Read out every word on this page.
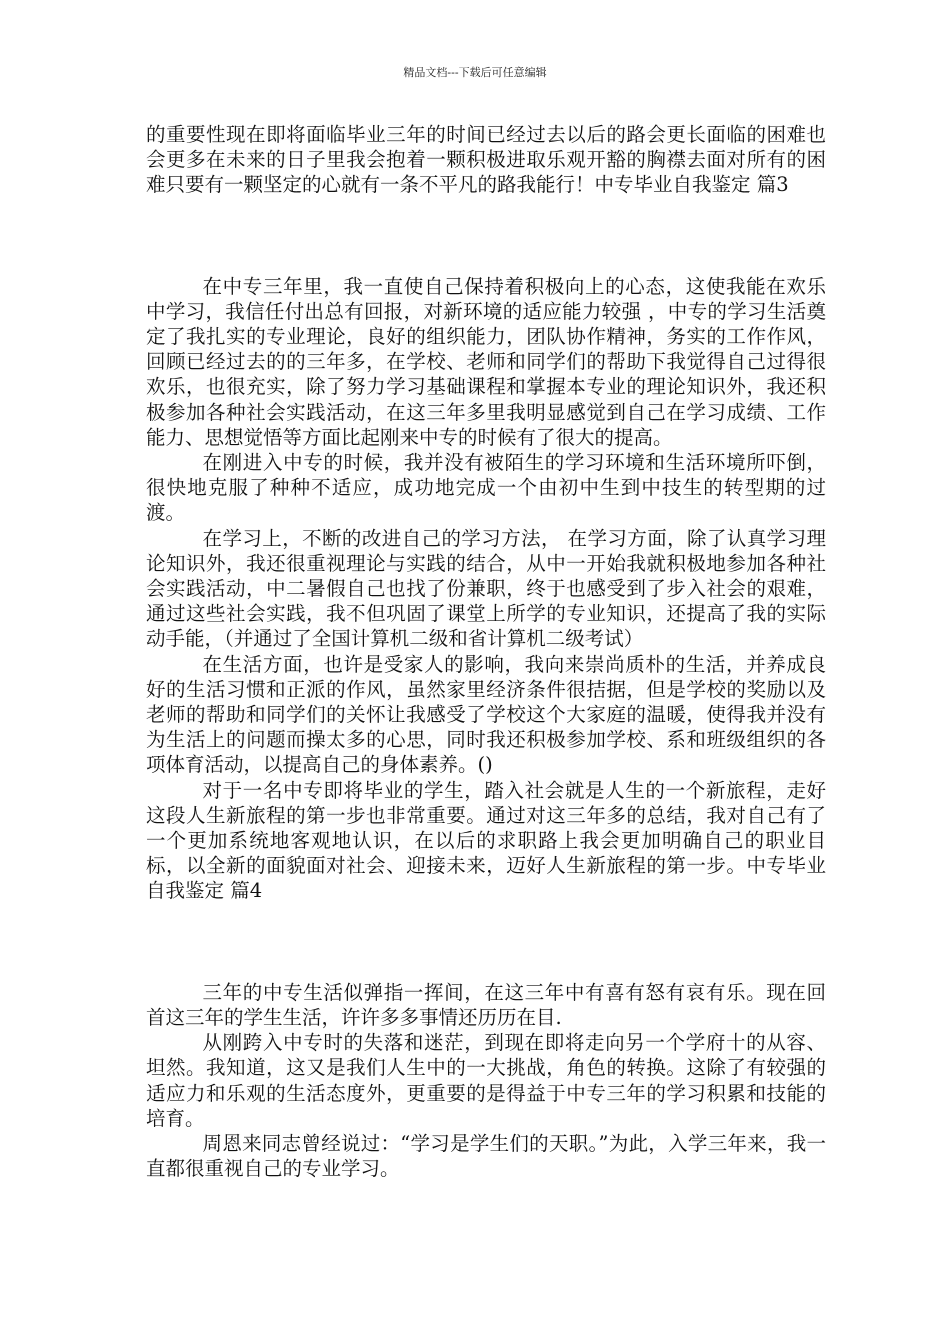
精品文档---下载后可任意编辑

的重要性现在即将面临毕业三年的时间已经过去以后的路会更长面临的困难也会更多在未来的日子里我会抱着一颗积极进取乐观开豁的胸襟去面对所有的困难只要有一颗坚定的心就有一条不平凡的路我能行！中专毕业自我鉴定 篇3

在中专三年里，我一直使自己保持着积极向上的心态，这使我能在欢乐中学习，我信任付出总有回报，对新环境的适应能力较强 ，中专的学习生活奠定了我扎实的专业理论，良好的组织能力，团队协作精神，务实的工作作风， 回顾已经过去的的三年多，在学校、老师和同学们的帮助下我觉得自己过得很欢乐，也很充实，除了努力学习基础课程和掌握本专业的理论知识外，我还积极参加各种社会实践活动，在这三年多里我明显感觉到自己在学习成绩、工作能力、思想觉悟等方面比起刚来中专的时候有了很大的提高。

在刚进入中专的时候，我并没有被陌生的学习环境和生活环境所吓倒，很快地克服了种种不适应，成功地完成一个由初中生到中技生的转型期的过渡。

在学习上，不断的改进自己的学习方法， 在学习方面，除了认真学习理论知识外，我还很重视理论与实践的结合，从中一开始我就积极地参加各种社会实践活动，中二暑假自己也找了份兼职，终于也感受到了步入社会的艰难，通过这些社会实践，我不但巩固了课堂上所学的专业知识，还提高了我的实际动手能，（并通过了全国计算机二级和省计算机二级考试）

在生活方面，也许是受家人的影响，我向来崇尚质朴的生活，并养成良好的生活习惯和正派的作风，虽然家里经济条件很拮据，但是学校的奖励以及老师的帮助和同学们的关怀让我感受了学校这个大家庭的温暖，使得我并没有为生活上的问题而操太多的心思，同时我还积极参加学校、系和班级组织的各项体育活动，以提高自己的身体素养。()

对于一名中专即将毕业的学生，踏入社会就是人生的一个新旅程，走好这段人生新旅程的第一步也非常重要。通过对这三年多的总结，我对自己有了一个更加系统地客观地认识，在以后的求职路上我会更加明确自己的职业目标，以全新的面貌面对社会、迎接未来，迈好人生新旅程的第一步。中专毕业自我鉴定 篇4

三年的中专生活似弹指一挥间，在这三年中有喜有怒有哀有乐。现在回首这三年的学生生活，许许多多事情还历历在目.

从刚跨入中专时的失落和迷茫，到现在即将走向另一个学府十的从容、坦然。我知道，这又是我们人生中的一大挑战，角色的转换。这除了有较强的适应力和乐观的生活态度外，更重要的是得益于中专三年的学习积累和技能的培育。

周恩来同志曾经说过：“学习是学生们的天职。”为此，入学三年来，我一直都很重视自己的专业学习。
